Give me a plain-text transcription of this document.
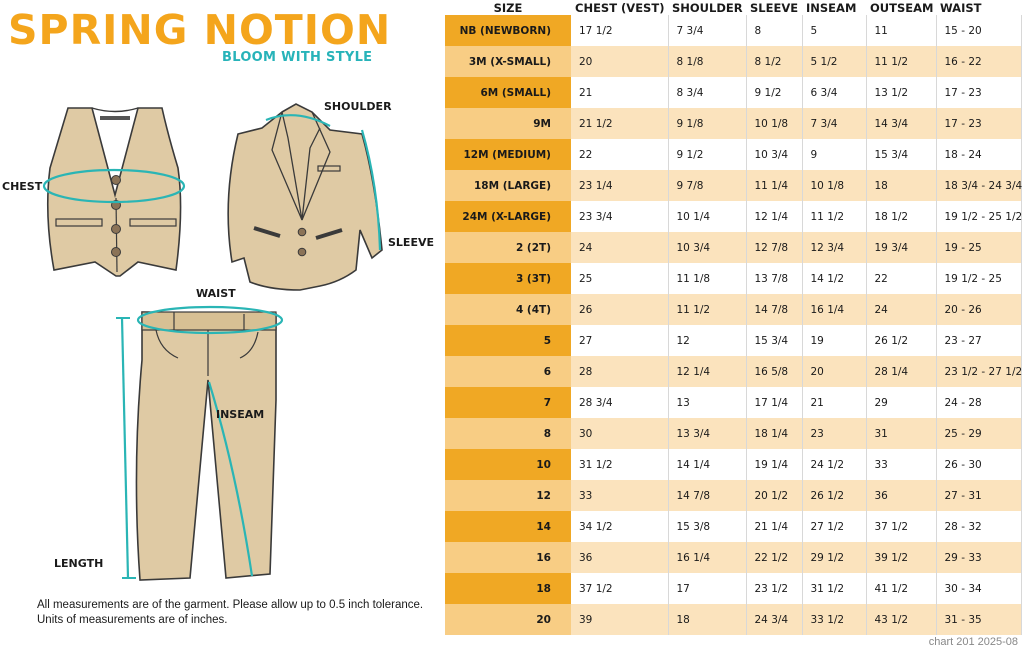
SPRING NOTION
BLOOM WITH STYLE
CHEST
SHOULDER
SLEEVE
WAIST
INSEAM
LENGTH
All measurements are of the garment. Please allow up to 0.5 inch tolerance.
Units of measurements are of inches.
SIZE	CHEST (VEST)	SHOULDER	SLEEVE	INSEAM	OUTSEAM	WAIST
NB (NEWBORN)	17 1/2	7 3/4	8	5	11	15 - 20
3M (X-SMALL)	20	8 1/8	8 1/2	5 1/2	11 1/2	16 - 22
6M (SMALL)	21	8 3/4	9 1/2	6 3/4	13 1/2	17 - 23
9M	21 1/2	9 1/8	10 1/8	7 3/4	14 3/4	17 - 23
12M (MEDIUM)	22	9 1/2	10 3/4	9	15 3/4	18 - 24
18M (LARGE)	23 1/4	9 7/8	11 1/4	10 1/8	18	18 3/4 - 24 3/4
24M (X-LARGE)	23 3/4	10 1/4	12 1/4	11 1/2	18 1/2	19 1/2 - 25 1/2
2 (2T)	24	10 3/4	12 7/8	12 3/4	19 3/4	19 - 25
3 (3T)	25	11 1/8	13 7/8	14 1/2	22	19 1/2 - 25
4 (4T)	26	11 1/2	14 7/8	16 1/4	24	20 - 26
5	27	12	15 3/4	19	26 1/2	23 - 27
6	28	12 1/4	16 5/8	20	28 1/4	23 1/2 - 27 1/2
7	28 3/4	13	17 1/4	21	29	24 - 28
8	30	13 3/4	18 1/4	23	31	25 - 29
10	31 1/2	14 1/4	19 1/4	24 1/2	33	26 - 30
12	33	14 7/8	20 1/2	26 1/2	36	27 - 31
14	34 1/2	15 3/8	21 1/4	27 1/2	37 1/2	28 - 32
16	36	16 1/4	22 1/2	29 1/2	39 1/2	29 - 33
18	37 1/2	17	23 1/2	31 1/2	41 1/2	30 - 34
20	39	18	24 3/4	33 1/2	43 1/2	31 - 35
chart 201 2025-08
